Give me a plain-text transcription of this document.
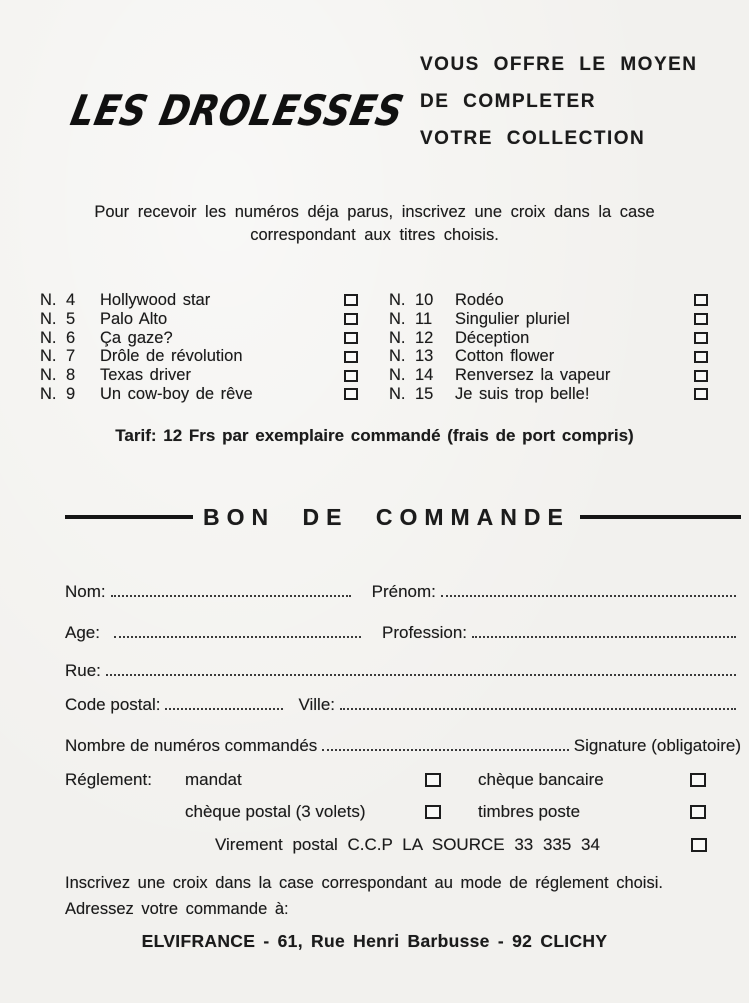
LES DROLESSES
VOUS OFFRE LE MOYEN
DE COMPLETER
VOTRE COLLECTION
Pour recevoir les numéros déja parus, inscrivez une croix dans la case
correspondant aux titres choisis.
N. 4	Hollywood star
N. 5	Palo Alto
N. 6	Ça gaze?
N. 7	Drôle de révolution
N. 8	Texas driver
N. 9	Un cow-boy de rêve
N. 10	Rodéo
N. 11	Singulier pluriel
N. 12	Déception
N. 13	Cotton flower
N. 14	Renversez la vapeur
N. 15	Je suis trop belle!
Tarif: 12 Frs par exemplaire commandé (frais de port compris)
BON DE COMMANDE
Nom:	Prénom:
Age:	Profession:
Rue:
Code postal:	Ville:
Nombre de numéros commandés	Signature (obligatoire)
Réglement:	mandat	chèque bancaire
chèque postal (3 volets)	timbres poste
Virement postal C.C.P LA SOURCE 33 335 34
Inscrivez une croix dans la case correspondant au mode de réglement choisi.
Adressez votre commande à:
ELVIFRANCE - 61, Rue Henri Barbusse - 92 CLICHY
